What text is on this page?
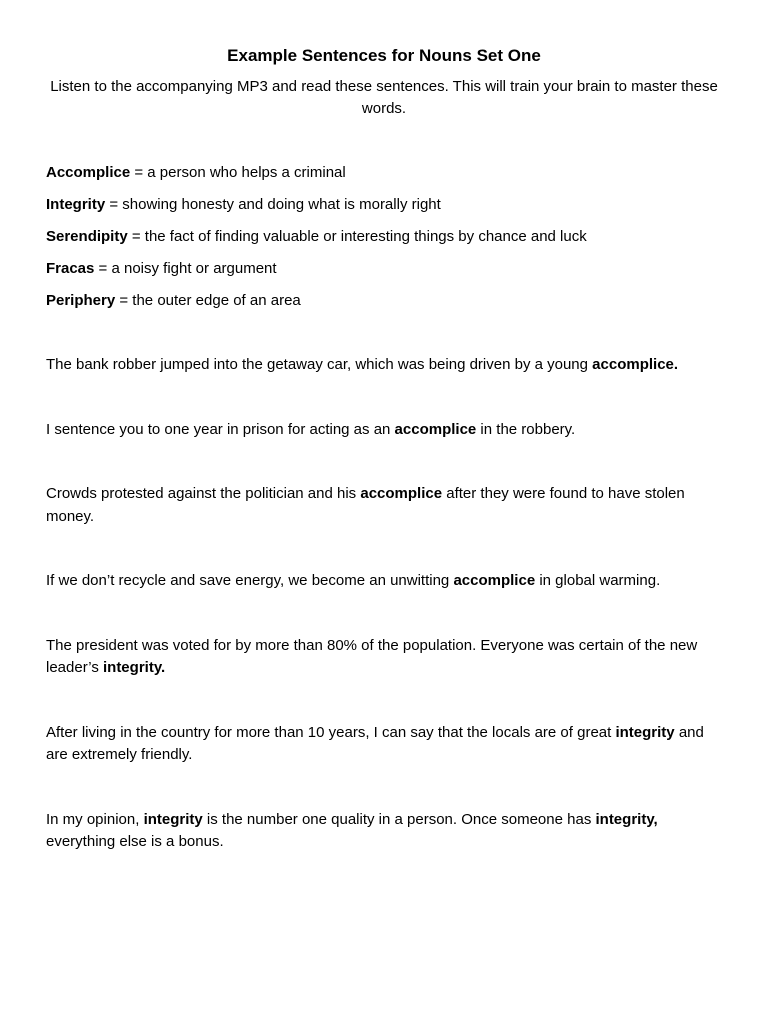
Example Sentences for Nouns Set One

Listen to the accompanying MP3 and read these sentences. This will train your brain to master these words.

Accomplice = a person who helps a criminal

Integrity = showing honesty and doing what is morally right

Serendipity = the fact of finding valuable or interesting things by chance and luck

Fracas = a noisy fight or argument

Periphery = the outer edge of an area

The bank robber jumped into the getaway car, which was being driven by a young accomplice.

I sentence you to one year in prison for acting as an accomplice in the robbery.

Crowds protested against the politician and his accomplice after they were found to have stolen money.

If we don’t recycle and save energy, we become an unwitting accomplice in global warming.

The president was voted for by more than 80% of the population. Everyone was certain of the new leader’s integrity.

After living in the country for more than 10 years, I can say that the locals are of great integrity and are extremely friendly.

In my opinion, integrity is the number one quality in a person. Once someone has integrity, everything else is a bonus.
